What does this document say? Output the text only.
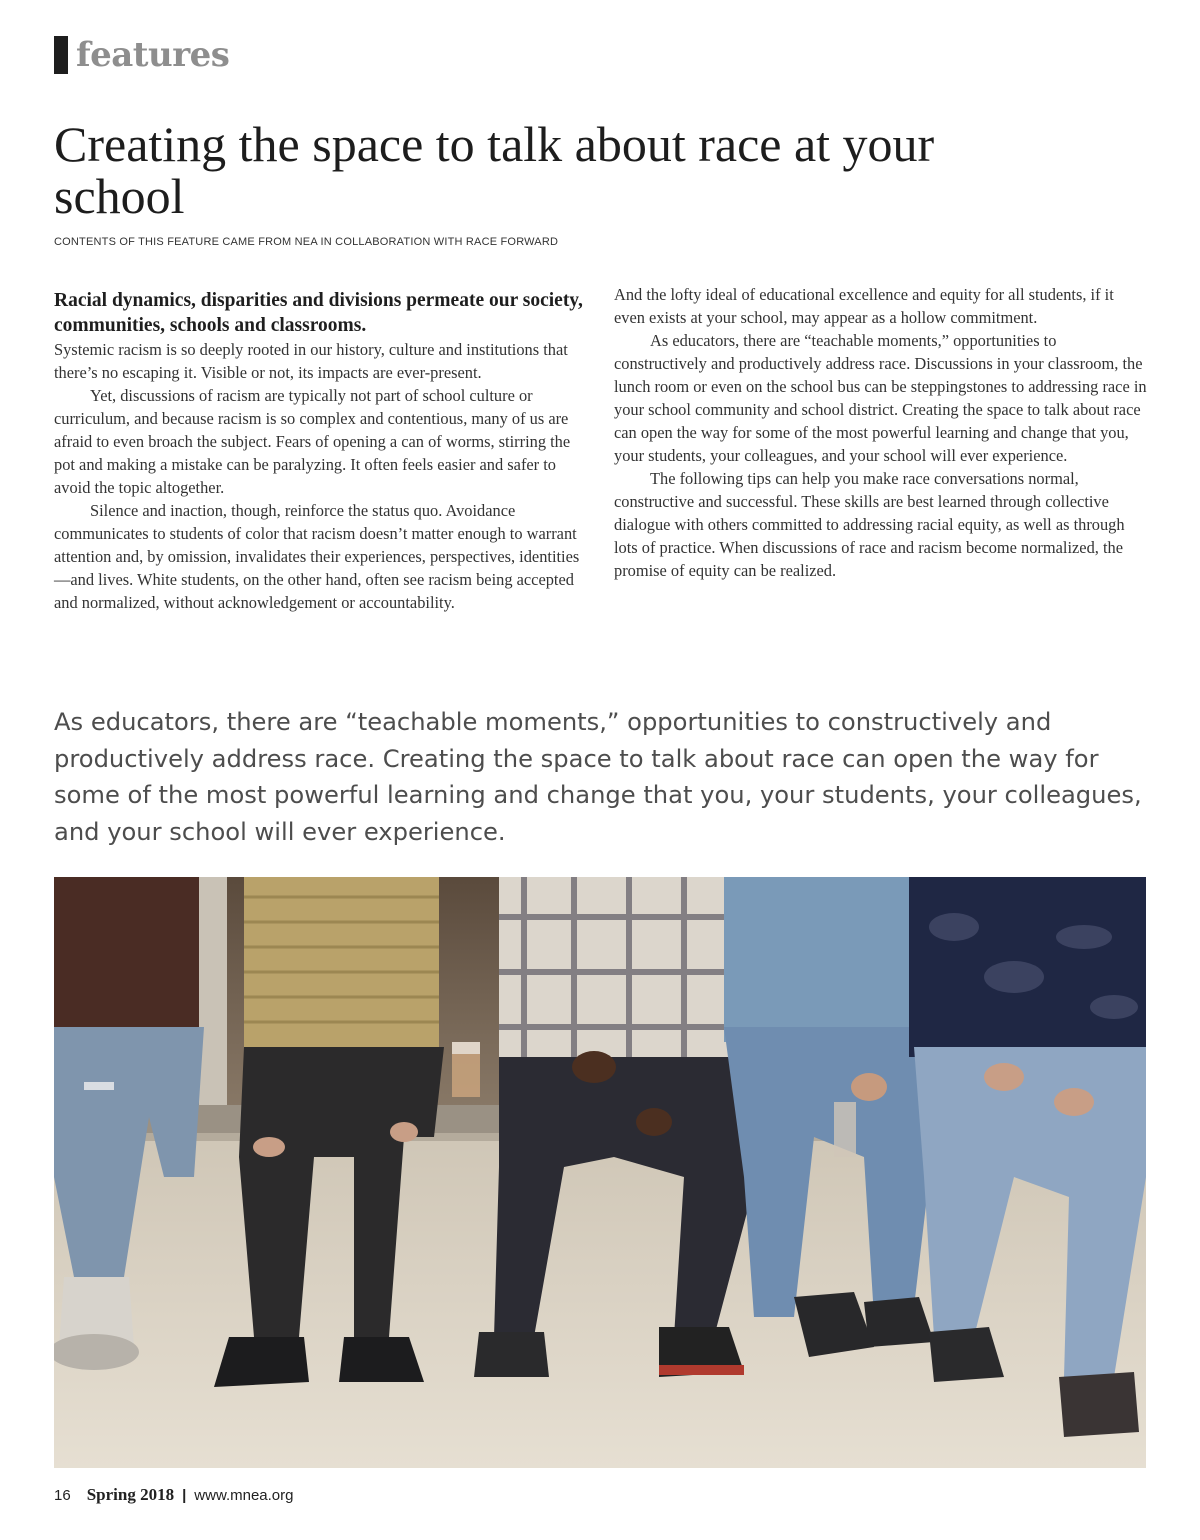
features
Creating the space to talk about race at your school
CONTENTS OF THIS FEATURE CAME FROM NEA IN COLLABORATION WITH RACE FORWARD
Racial dynamics, disparities and divisions permeate our society, communities, schools and classrooms.

Systemic racism is so deeply rooted in our history, culture and institutions that there’s no escaping it. Visible or not, its impacts are ever-present.

Yet, discussions of racism are typically not part of school culture or curriculum, and because racism is so complex and contentious, many of us are afraid to even broach the subject. Fears of opening a can of worms, stirring the pot and making a mistake can be paralyzing. It often feels easier and safer to avoid the topic altogether.

Silence and inaction, though, reinforce the status quo. Avoidance communicates to students of color that racism doesn’t matter enough to warrant attention and, by omission, invalidates their experiences, perspectives, identities—and lives. White students, on the other hand, often see racism being accepted and normalized, without acknowledgement or accountability.

And the lofty ideal of educational excellence and equity for all students, if it even exists at your school, may appear as a hollow commitment.

As educators, there are “teachable moments,” opportunities to constructively and productively address race. Discussions in your classroom, the lunch room or even on the school bus can be steppingstones to addressing race in your school community and school district. Creating the space to talk about race can open the way for some of the most powerful learning and change that you, your students, your colleagues, and your school will ever experience.

The following tips can help you make race conversations normal, constructive and successful. These skills are best learned through collective dialogue with others committed to addressing racial equity, as well as through lots of practice. When discussions of race and racism become normalized, the promise of equity can be realized.

As educators, there are “teachable moments,” opportunities to constructively and productively address race. Creating the space to talk about race can open the way for some of the most powerful learning and change that you, your students, your colleagues, and your school will ever experience.

16 Spring 2018 | www.mnea.org
